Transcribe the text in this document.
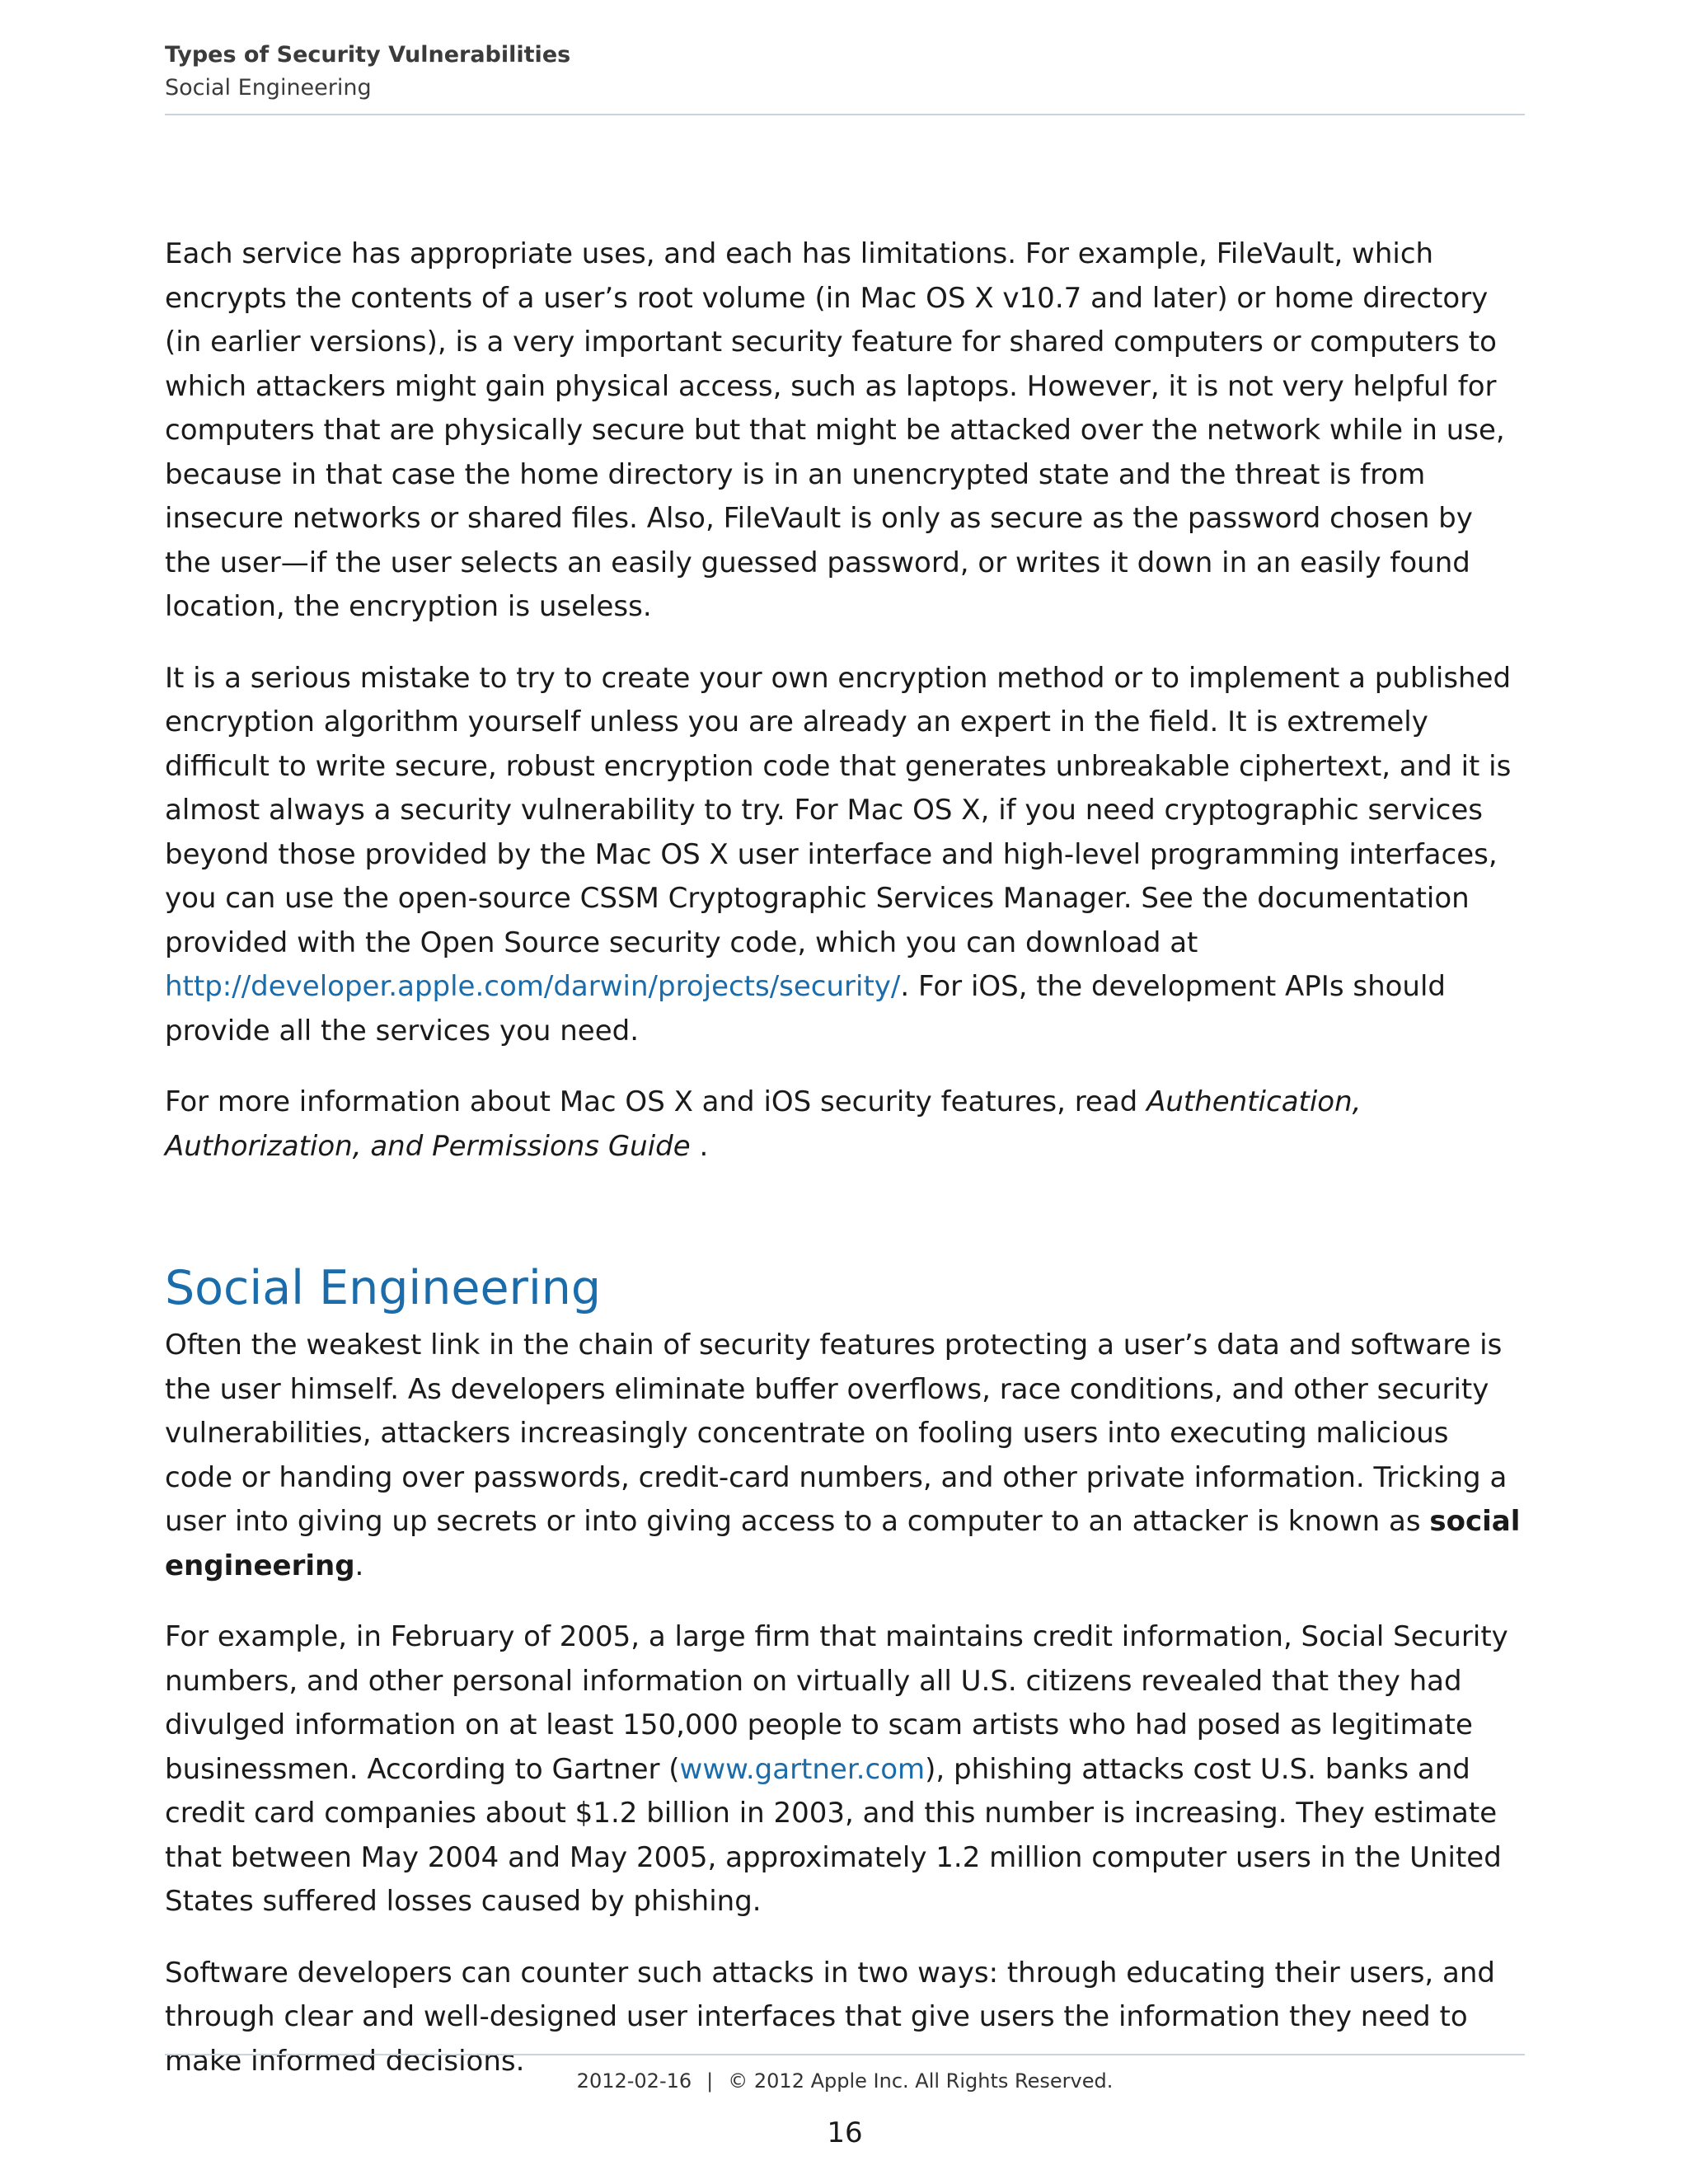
Types of Security Vulnerabilities
Social Engineering

Each service has appropriate uses, and each has limitations. For example, FileVault, which encrypts the contents of a user’s root volume (in Mac OS X v10.7 and later) or home directory (in earlier versions), is a very important security feature for shared computers or computers to which attackers might gain physical access, such as laptops. However, it is not very helpful for computers that are physically secure but that might be attacked over the network while in use, because in that case the home directory is in an unencrypted state and the threat is from insecure networks or shared files. Also, FileVault is only as secure as the password chosen by the user—if the user selects an easily guessed password, or writes it down in an easily found location, the encryption is useless.

It is a serious mistake to try to create your own encryption method or to implement a published encryption algorithm yourself unless you are already an expert in the field. It is extremely difficult to write secure, robust encryption code that generates unbreakable ciphertext, and it is almost always a security vulnerability to try. For Mac OS X, if you need cryptographic services beyond those provided by the Mac OS X user interface and high-level programming interfaces, you can use the open-source CSSM Cryptographic Services Manager. See the documentation provided with the Open Source security code, which you can download at http://developer.apple.com/darwin/projects/security/. For iOS, the development APIs should provide all the services you need.

For more information about Mac OS X and iOS security features, read Authentication, Authorization, and Permissions Guide .

Social Engineering

Often the weakest link in the chain of security features protecting a user’s data and software is the user himself. As developers eliminate buffer overflows, race conditions, and other security vulnerabilities, attackers increasingly concentrate on fooling users into executing malicious code or handing over passwords, credit-card numbers, and other private information. Tricking a user into giving up secrets or into giving access to a computer to an attacker is known as social engineering.

For example, in February of 2005, a large firm that maintains credit information, Social Security numbers, and other personal information on virtually all U.S. citizens revealed that they had divulged information on at least 150,000 people to scam artists who had posed as legitimate businessmen. According to Gartner (www.gartner.com), phishing attacks cost U.S. banks and credit card companies about $1.2 billion in 2003, and this number is increasing. They estimate that between May 2004 and May 2005, approximately 1.2 million computer users in the United States suffered losses caused by phishing.

Software developers can counter such attacks in two ways: through educating their users, and through clear and well-designed user interfaces that give users the information they need to make informed decisions.

2012-02-16 | © 2012 Apple Inc. All Rights Reserved.
16
